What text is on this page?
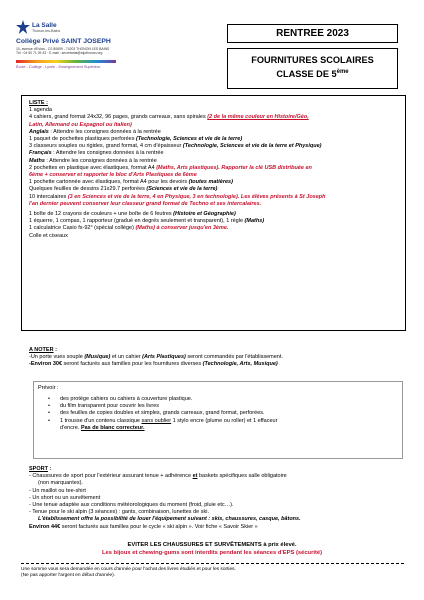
La Salle
Thonon-les-Bains
Collège Privé SAINT JOSEPH
10, avenue d'Evian - CS 80699 - 74203 THONON LES BAINS
Tél : 04 50 71 39 43 · E-mail : secretariat@stjothonon.org
École - Collège - Lycée - Enseignement Supérieur
RENTREE 2023
FOURNITURES SCOLAIRES
CLASSE DE 5ème
LISTE :
1 agenda
4 cahiers, grand format 24x32, 96 pages, grands carreaux, sans spirales (2 de la même couleur en Histoire/Géo,
Latin, Allemand ou Espagnol ou Italien)
Anglais : Attendre les consignes données à la rentrée
1 paquet de pochettes plastiques perforées (Technologie, Sciences et vie de la terre)
3 classeurs souples ou rigides, grand format, 4 cm d'épaisseur (Technologie, Sciences et vie de la terre et Physique)
Français : Attendre les consignes données à la rentrée
Maths : Attendre les consignes données à la rentrée
2 pochettes en plastique avec élastiques, format A4 (Maths, Arts plastiques). Rapporter la clé USB distribuée en
6ème + conserver et rapporter le bloc d'Arts Plastiques de 6ème
1 pochette cartonnée avec élastiques, format A4 pour les devoirs (toutes matières)
Quelques feuilles de dessins 21x29.7 perforées (Sciences et vie de la terre)
10 intercalaires (3 en Sciences et vie de la terre, 4 en Physique, 3 en technologie). Les élèves présents à St Joseph
l'an dernier peuvent conserver leur classeur grand format de Techno et ses intercalaires.
1 boîte de 12 crayons de couleurs + une boîte de 6 feutres (Histoire et Géographie)
1 équerre, 1 compas, 1 rapporteur (gradué en degrés seulement et transparent), 1 règle (Maths)
1 calculatrice Casio fx-92° (spécial collège) (Maths) à conserver jusqu'en 3ème.
Colle et ciseaux
A NOTER :
-Un porte vues souple (Musique) et un cahier (Arts Plastiques) seront commandés par l'établissement.
-Environ 30€ seront facturés aux familles pour les fournitures diverses (Technologie, Arts, Musique)
Prévoir :
• des protège cahiers ou cahiers à couverture plastique.
• du film transparent pour couvrir les livres
• des feuilles de copies doubles et simples, grands carreaux, grand format, perforées.
• 1 trousse d'un contenu classique sans oublier 1 stylo encre (plume ou roller) et 1 effaceur
d'encre. Pas de blanc correcteur.
SPORT :
- Chaussures de sport pour l'extérieur assurant tenue + adhérence et baskets spécifiques salle obligatoire
(non marquantes).
- Un maillot ou tee-shirt
- Un short ou un survêtement
- Une tenue adaptée aux conditions météorologiques du moment (froid, pluie etc…).
- Tenue pour le ski alpin (3 séances) : gants, combinaison, lunettes de ski.
L'établissement offre la possibilité de louer l'équipement suivant : skis, chaussures, casque, bâtons.
Environ 44€ seront facturés aux familles pour le cycle « ski alpin ». Voir fiche « Savoir Skier »
EVITER LES CHAUSSURES ET SURVÊTEMENTS à prix élevé.
Les bijoux et chewing-gums sont interdits pendant les séances d'EPS (sécurité)
Une somme vous sera demandée en cours d'année pour l'achat des livres étudiés et pour les sorties.
(Ne pas apporter l'argent en début d'année).
